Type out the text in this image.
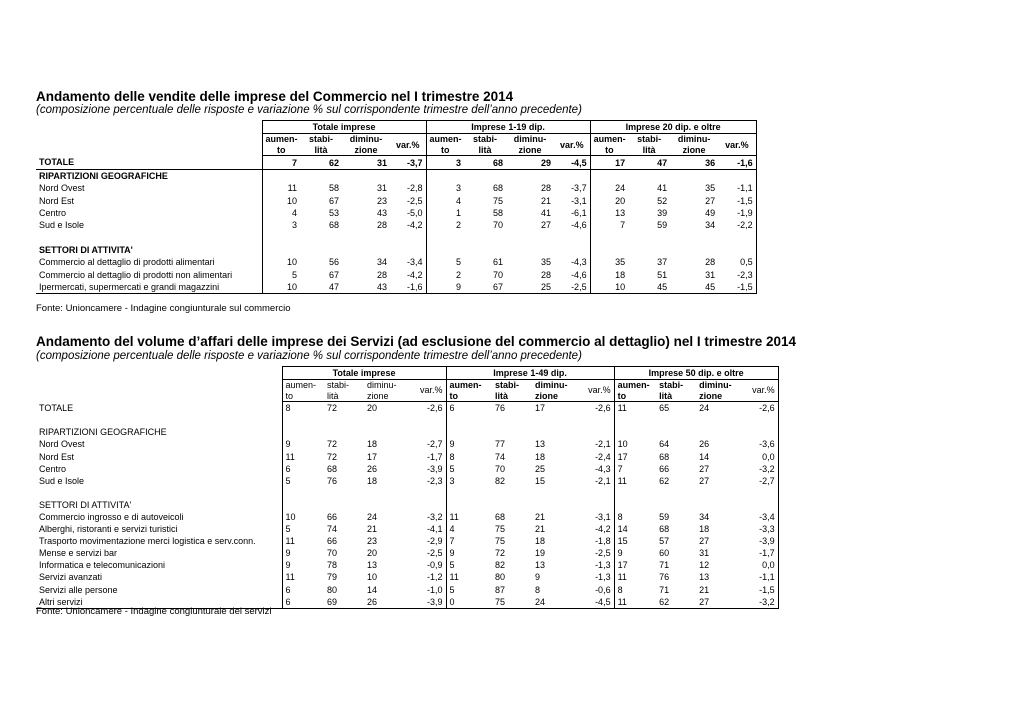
Andamento delle vendite delle imprese del Commercio nel I trimestre 2014

(composizione percentuale delle risposte e variazione % sul corrispondente trimestre dell’anno precedente)

	Totale imprese				Imprese 1-19 dip.				Imprese 20 dip. e oltre			
	aumen-
to	stabi-
lità	diminu-
zione	var.%	aumen-
to	stabi-
lità	diminu-
zione	var.%	aumen-
to	stabi-
lità	diminu-
zione	var.%
TOTALE	7	62	31	-3,7	3	68	29	-4,5	17	47	36	-1,6
RIPARTIZIONI GEOGRAFICHE												
Nord Ovest	11	58	31	-2,8	3	68	28	-3,7	24	41	35	-1,1
Nord Est	10	67	23	-2,5	4	75	21	-3,1	20	52	27	-1,5
Centro	4	53	43	-5,0	1	58	41	-6,1	13	39	49	-1,9
Sud e Isole	3	68	28	-4,2	2	70	27	-4,6	7	59	34	-2,2

SETTORI DI ATTIVITA'												
Commercio al dettaglio di prodotti alimentari	10	56	34	-3,4	5	61	35	-4,3	35	37	28	0,5
Commercio al dettaglio di prodotti non alimentari	5	67	28	-4,2	2	70	28	-4,6	18	51	31	-2,3
Ipermercati, supermercati e grandi magazzini	10	47	43	-1,6	9	67	25	-2,5	10	45	45	-1,5

Fonte: Unioncamere - Indagine congiunturale sul commercio

Andamento del volume d’affari delle imprese dei Servizi (ad esclusione del commercio al dettaglio) nel I trimestre 2014

(composizione percentuale delle risposte e variazione % sul corrispondente trimestre dell’anno precedente)

	Totale imprese				Imprese 1-49 dip.				Imprese 50 dip. e oltre			
	aumen-
to	stabi-
lità	diminu-
zione	var.%	aumen-
to	stabi-
lità	diminu-
zione	var.%	aumen-
to	stabi-
lità	diminu-
zione	var.%
TOTALE	8	72	20	-2,6	6	76	17	-2,6	11	65	24	-2,6

RIPARTIZIONI GEOGRAFICHE												
Nord Ovest	9	72	18	-2,7	9	77	13	-2,1	10	64	26	-3,6
Nord Est	11	72	17	-1,7	8	74	18	-2,4	17	68	14	0,0
Centro	6	68	26	-3,9	5	70	25	-4,3	7	66	27	-3,2
Sud e Isole	5	76	18	-2,3	3	82	15	-2,1	11	62	27	-2,7

SETTORI DI ATTIVITA'												
Commercio ingrosso e di autoveicoli	10	66	24	-3,2	11	68	21	-3,1	8	59	34	-3,4
Alberghi, ristoranti e servizi turistici	5	74	21	-4,1	4	75	21	-4,2	14	68	18	-3,3
Trasporto movimentazione merci logistica e serv.conn.	11	66	23	-2,9	7	75	18	-1,8	15	57	27	-3,9
Mense e servizi bar	9	70	20	-2,5	9	72	19	-2,5	9	60	31	-1,7
Informatica e telecomunicazioni	9	78	13	-0,9	5	82	13	-1,3	17	71	12	0,0
Servizi avanzati	11	79	10	-1,2	11	80	9	-1,3	11	76	13	-1,1
Servizi alle persone	6	80	14	-1,0	5	87	8	-0,6	8	71	21	-1,5
Altri servizi	6	69	26	-3,9	0	75	24	-4,5	11	62	27	-3,2

Fonte: Unioncamere - Indagine congiunturale dei servizi
